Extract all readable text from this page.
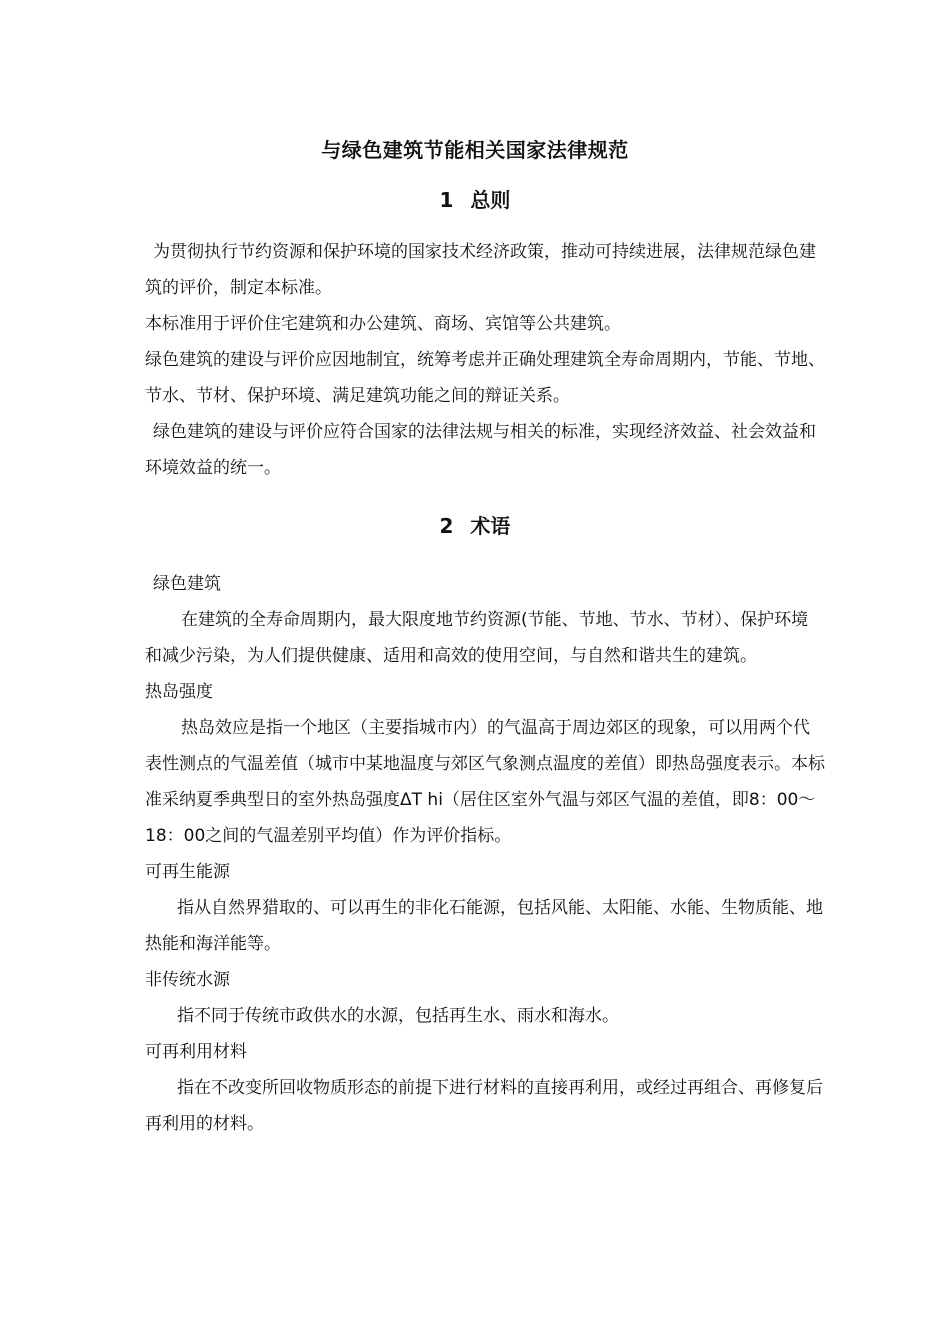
与绿色建筑节能相关国家法律规范
1 总则

为贯彻执行节约资源和保护环境的国家技术经济政策，推动可持续进展，法律规范绿色建筑的评价，制定本标准。

本标准用于评价住宅建筑和办公建筑、商场、宾馆等公共建筑。

绿色建筑的建设与评价应因地制宜，统筹考虑并正确处理建筑全寿命周期内，节能、节地、节水、节材、保护环境、满足建筑功能之间的辩证关系。

绿色建筑的建设与评价应符合国家的法律法规与相关的标准，实现经济效益、社会效益和环境效益的统一。

2 术语

绿色建筑

在建筑的全寿命周期内，最大限度地节约资源(节能、节地、节水、节材）、保护环境和减少污染，为人们提供健康、适用和高效的使用空间，与自然和谐共生的建筑。

热岛强度

热岛效应是指一个地区（主要指城市内）的气温高于周边郊区的现象，可以用两个代表性测点的气温差值（城市中某地温度与郊区气象测点温度的差值）即热岛强度表示。本标准采纳夏季典型日的室外热岛强度ΔT hi（居住区室外气温与郊区气温的差值，即8：00～18：00之间的气温差别平均值）作为评价指标。

可再生能源

指从自然界猎取的、可以再生的非化石能源，包括风能、太阳能、水能、生物质能、地热能和海洋能等。

非传统水源

指不同于传统市政供水的水源，包括再生水、雨水和海水。

可再利用材料

指在不改变所回收物质形态的前提下进行材料的直接再利用，或经过再组合、再修复后再利用的材料。
